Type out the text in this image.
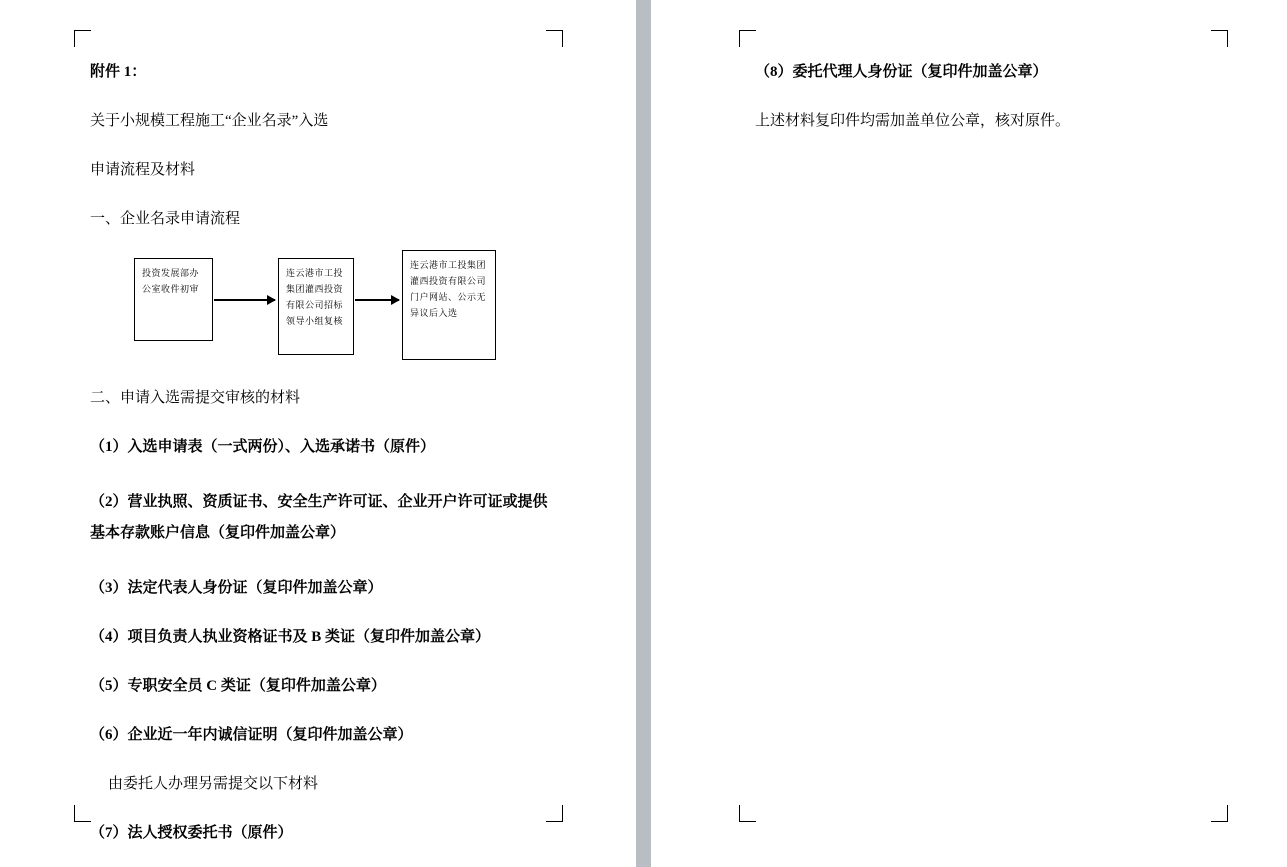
附件 1：

关于小规模工程施工“企业名录”入选

申请流程及材料

一、企业名录申请流程

投资发展部办公室收件初审
连云港市工投集团灌西投资有限公司招标领导小组复核
连云港市工投集团灌西投资有限公司门户网站、公示无异议后入选

二、申请入选需提交审核的材料

（1）入选申请表（一式两份）、入选承诺书（原件）

（2）营业执照、资质证书、安全生产许可证、企业开户许可证或提供基本存款账户信息（复印件加盖公章）

（3）法定代表人身份证（复印件加盖公章）

（4）项目负责人执业资格证书及 B 类证（复印件加盖公章）

（5）专职安全员 C 类证（复印件加盖公章）

（6）企业近一年内诚信证明（复印件加盖公章）

由委托人办理另需提交以下材料

（7）法人授权委托书（原件）

（8）委托代理人身份证（复印件加盖公章）

上述材料复印件均需加盖单位公章，核对原件。
